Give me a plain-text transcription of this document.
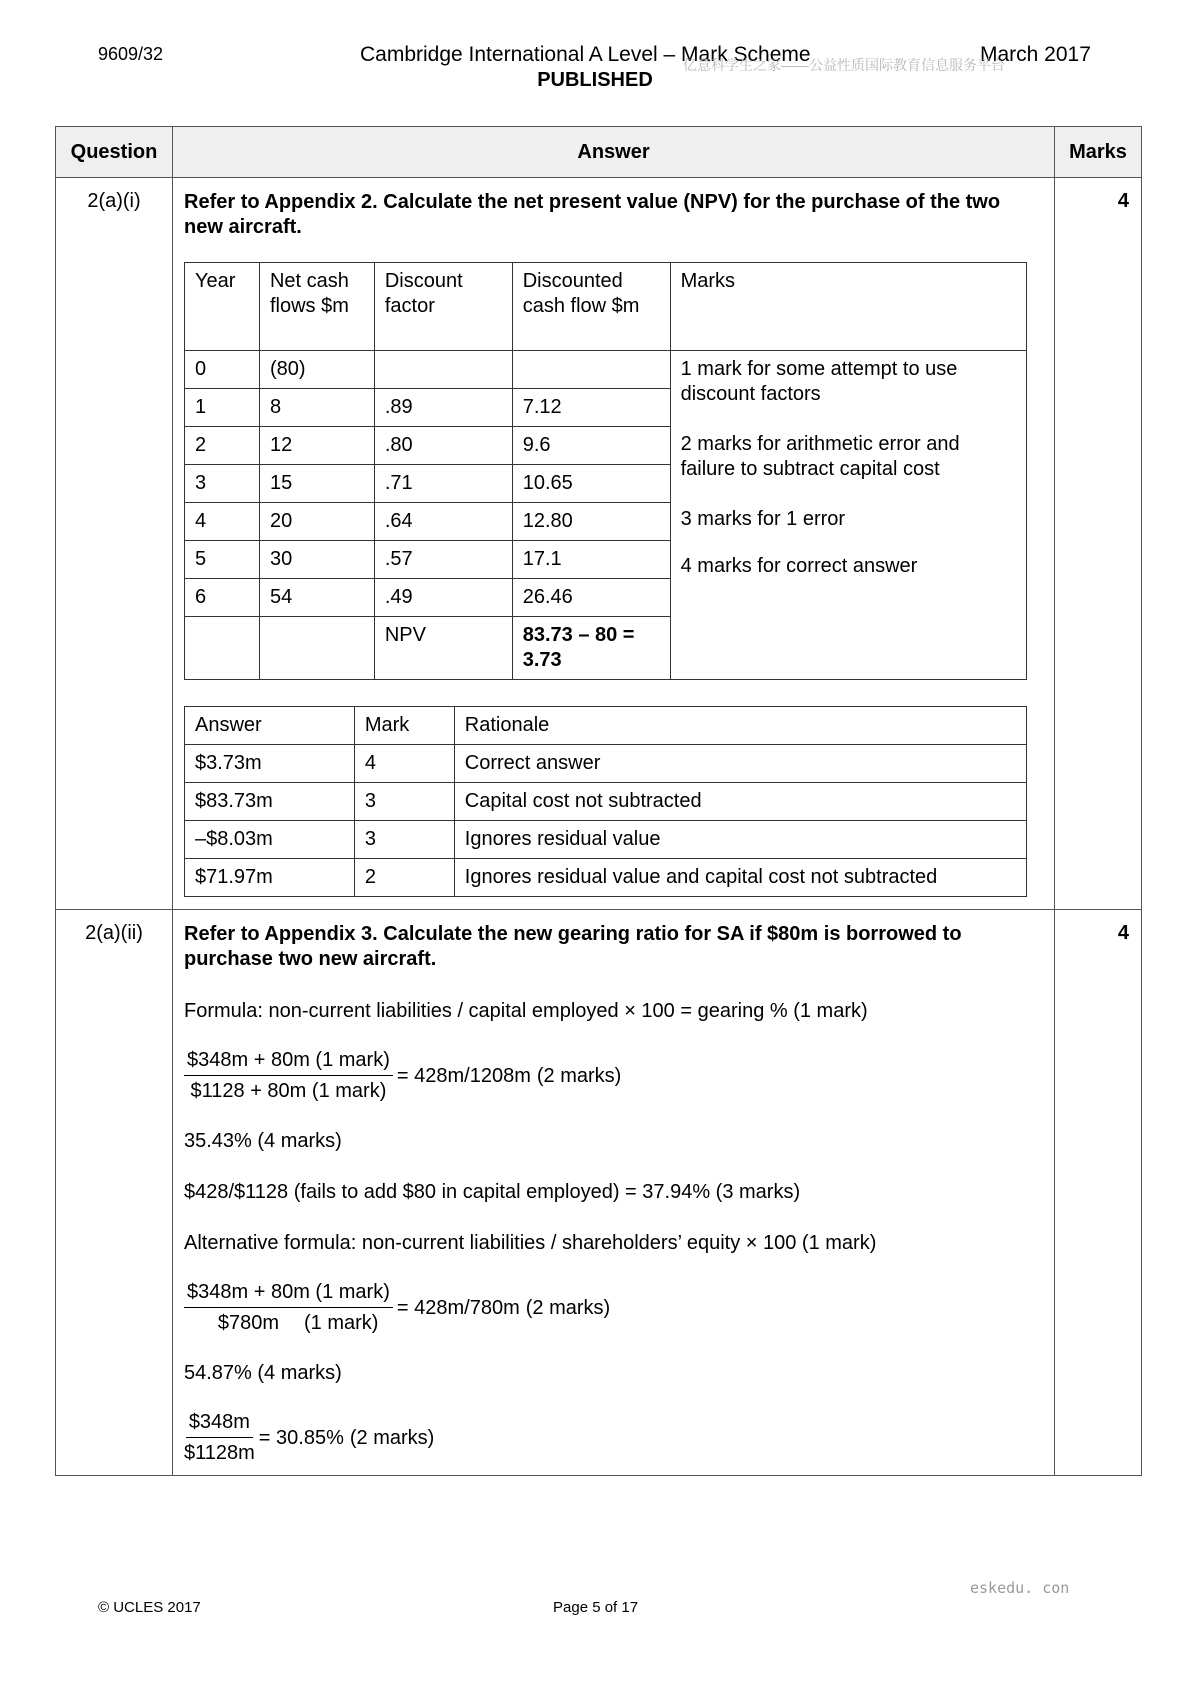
9609/32	Cambridge International A Level – Mark Scheme	March 2017
PUBLISHED
亿意科学生之家——公益性质国际教育信息服务平台
Question	Answer	Marks
2(a)(i)	Refer to Appendix 2. Calculate the net present value (NPV) for the purchase of the two new aircraft.
Year	Net cash flows $m	Discount factor	Discounted cash flow $m	Marks
0	(80)			1 mark for some attempt to use discount factors
2 marks for arithmetic error and failure to subtract capital cost
3 marks for 1 error
4 marks for correct answer

1	8	.89	7.12
2	12	.80	9.6
3	15	.71	10.65
4	20	.64	12.80
5	30	.57	17.1
6	54	.49	26.46
		NPV	83.73 – 80 = 3.73
Answer	Mark	Rationale
$3.73m	4	Correct answer
$83.73m	3	Capital cost not subtracted
–$8.03m	3	Ignores residual value
$71.97m	2	Ignores residual value and capital cost not subtracted
	4
2(a)(ii)	Refer to Appendix 3. Calculate the new gearing ratio for SA if $80m is borrowed to purchase two new aircraft.

Formula: non-current liabilities / capital employed × 100 = gearing % (1 mark)

$\frac{\text{\$348m + 80m (1 mark)}}{\text{\$1128 + 80m (1 mark)}} = 428m/1208m$ (2 marks)

35.43% (4 marks)

$428/$1128 (fails to add $80 in capital employed) = 37.94% (3 marks)

Alternative formula: non-current liabilities / shareholders’ equity × 100 (1 mark)

$\frac{\text{\$348m + 80m (1 mark)}}{\text{\$780m (1 mark)}} = 428m/780m$ (2 marks)

54.87% (4 marks)

$\frac{\$348m}{\$1128m} = 30.85\%$ (2 marks)
	4
eskedu. con
© UCLES 2017	Page 5 of 17
